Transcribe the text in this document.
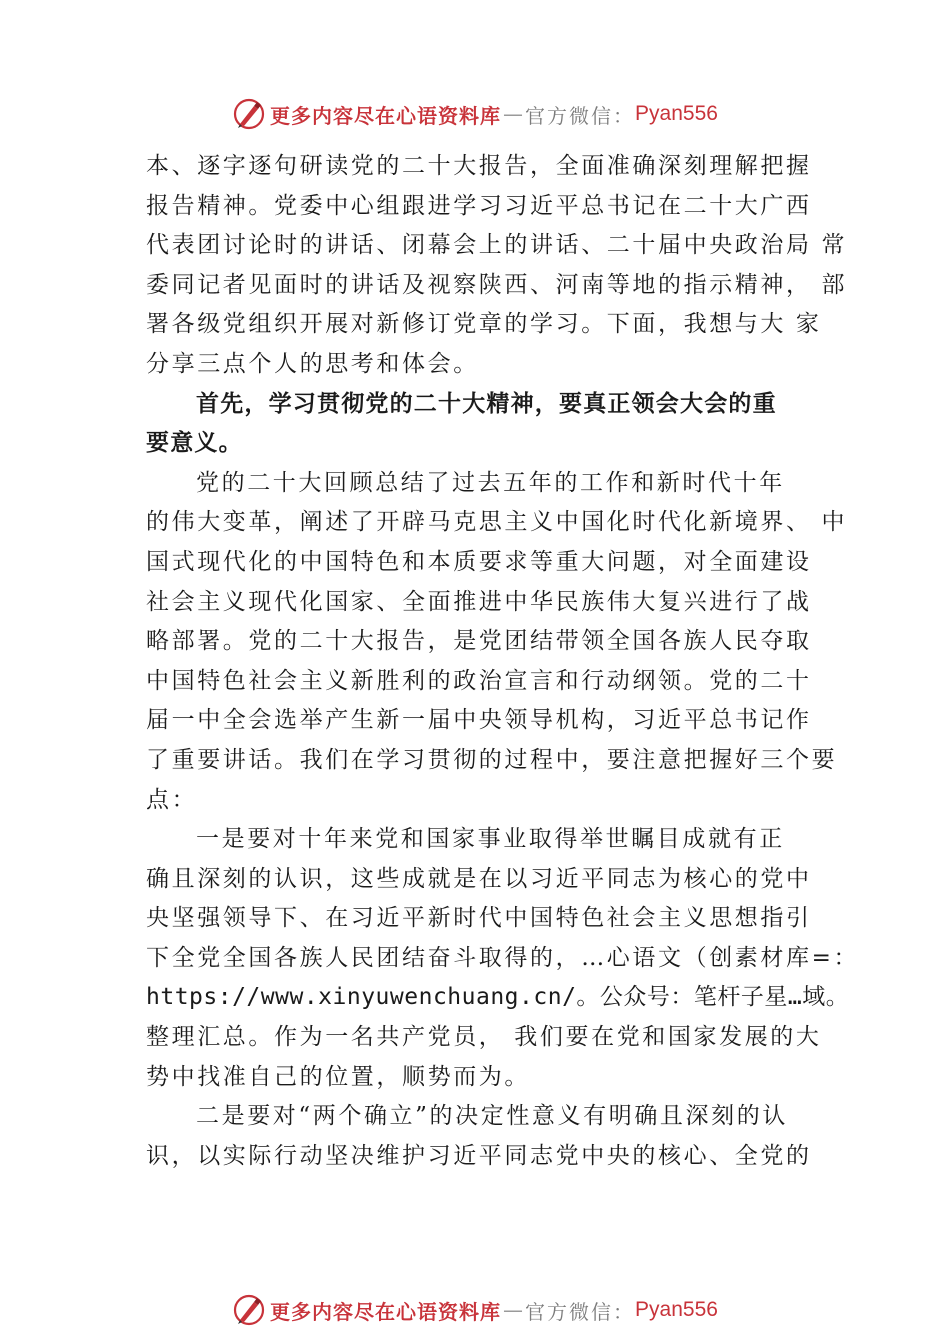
更多内容尽在心语资料库 — 官方微信： Pyan556
本、逐字逐句研读党的二十大报告，全面准确深刻理解把握
报告精神。党委中心组跟进学习习近平总书记在二十大广西
代表团讨论时的讲话、闭幕会上的讲话、二十届中央政治局 常
委同记者见面时的讲话及视察陕西、河南等地的指示精神， 部
署各级党组织开展对新修订党章的学习。下面，我想与大 家
分享三点个人的思考和体会。
首先，学习贯彻党的二十大精神，要真正领会大会的重
要意义。
党的二十大回顾总结了过去五年的工作和新时代十年
的伟大变革，阐述了开辟马克思主义中国化时代化新境界、 中
国式现代化的中国特色和本质要求等重大问题，对全面建设
社会主义现代化国家、全面推进中华民族伟大复兴进行了战
略部署。党的二十大报告，是党团结带领全国各族人民夺取
中国特色社会主义新胜利的政治宣言和行动纲领。党的二十
届一中全会选举产生新一届中央领导机构，习近平总书记作
了重要讲话。我们在学习贯彻的过程中，要注意把握好三个要
点：
一是要对十年来党和国家事业取得举世瞩目成就有正
确且深刻的认识，这些成就是在以习近平同志为核心的党中
央坚强领导下、在习近平新时代中国特色社会主义思想指引
下全党全国各族人民团结奋斗取得的，…心语文（创素材库=：
https://www.xinyuwenchuang.cn/。公众号：笔杆子星…域。
整理汇总。作为一名共产党员， 我们要在党和国家发展的大
势中找准自己的位置，顺势而为。
二是要对“两个确立”的决定性意义有明确且深刻的认
识，以实际行动坚决维护习近平同志党中央的核心、全党的
更多内容尽在心语资料库 — 官方微信： Pyan556
